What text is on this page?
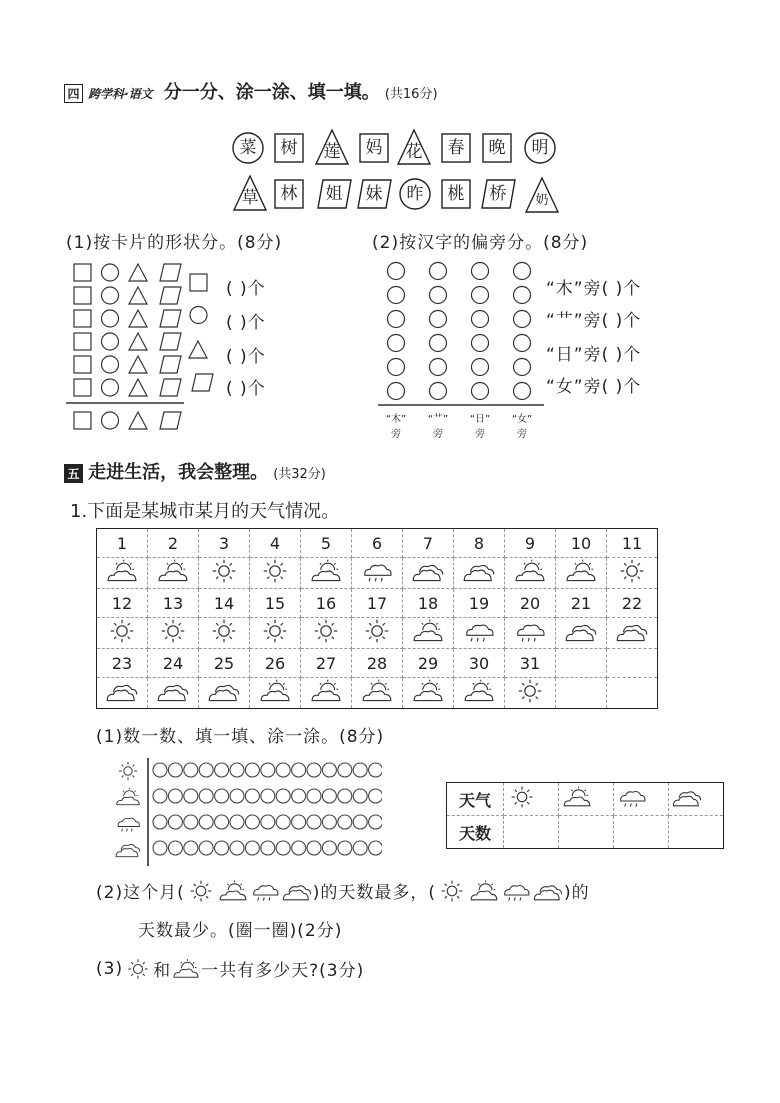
四 跨学科·语文 分一分、涂一涂、填一填。 (共16分)
菜 树 莲 妈 花 春 晚 明
草 林 姐 妹 昨 桃 桥 奶
(1)按卡片的形状分。(8分)	(2)按汉字的偏旁分。(8分)
( )个
( )个
( )个
( )个
“木”
旁
“艹”
旁
“日”
旁
“女”
旁
“木”旁( )个
“艹”旁( )个
“日”旁( )个
“女”旁( )个
五 走进生活，我会整理。 (共32分)
1.下面是某城市某月的天气情况。
1	2	3	4	5	6	7	8	9	10	11

12	13	14	15	16	17	18	19	20	21	22

23	24	25	26	27	28	29	30	31		

(1)数一数、填一填、涂一涂。(8分)
天气				
天数				
(2)这个月(	)的天数最多，(	)的
天数最少。(圈一圈)(2分)
(3) 和 一共有多少天?(3分)
